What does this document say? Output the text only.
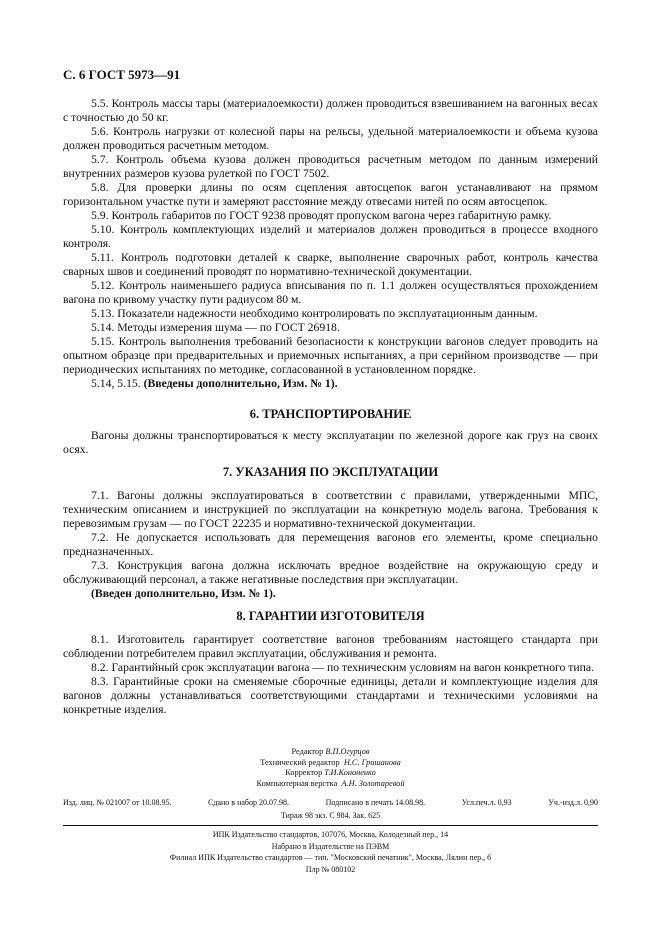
С. 6 ГОСТ 5973—91

5.5. Контроль массы тары (материалоемкости) должен проводиться взвешиванием на вагонных весах с точностью до 50 кг.

5.6. Контроль нагрузки от колесной пары на рельсы, удельной материалоемкости и объема кузова должен проводиться расчетным методом.

5.7. Контроль объема кузова должен проводиться расчетным методом по данным измерений внутренних размеров кузова рулеткой по ГОСТ 7502.

5.8. Для проверки длины по осям сцепления автосцепок вагон устанавливают на прямом горизонтальном участке пути и замеряют расстояние между отвесами нитей по осям автосцепок.

5.9. Контроль габаритов по ГОСТ 9238 проводят пропуском вагона через габаритную рамку.

5.10. Контроль комплектующих изделий и материалов должен проводиться в процессе входного контроля.

5.11. Контроль подготовки деталей к сварке, выполнение сварочных работ, контроль качества сварных швов и соединений проводят по нормативно-технической документации.

5.12. Контроль наименьшего радиуса вписывания по п. 1.1 должен осуществляться прохождением вагона по кривому участку пути радиусом 80 м.

5.13. Показатели надежности необходимо контролировать по эксплуатационным данным.

5.14. Методы измерения шума — по ГОСТ 26918.

5.15. Контроль выполнения требований безопасности к конструкции вагонов следует проводить на опытном образце при предварительных и приемочных испытаниях, а при серийном производстве — при периодических испытаниях по методике, согласованной в установленном порядке.

5.14, 5.15. (Введены дополнительно, Изм. № 1).

6. ТРАНСПОРТИРОВАНИЕ

Вагоны должны транспортироваться к месту эксплуатации по железной дороге как груз на своих осях.

7. УКАЗАНИЯ ПО ЭКСПЛУАТАЦИИ

7.1. Вагоны должны эксплуатироваться в соответствии с правилами, утвержденными МПС, техническим описанием и инструкцией по эксплуатации на конкретную модель вагона. Требования к перевозимым грузам — по ГОСТ 22235 и нормативно-технической документации.

7.2. Не допускается использовать для перемещения вагонов его элементы, кроме специально предназначенных.

7.3. Конструкция вагона должна исключать вредное воздействие на окружающую среду и обслуживающий персонал, а также негативные последствия при эксплуатации.

(Введен дополнительно, Изм. № 1).

8. ГАРАНТИИ ИЗГОТОВИТЕЛЯ

8.1. Изготовитель гарантирует соответствие вагонов требованиям настоящего стандарта при соблюдении потребителем правил эксплуатации, обслуживания и ремонта.

8.2. Гарантийный срок эксплуатации вагона — по техническим условиям на вагон конкретного типа.

8.3. Гарантийные сроки на сменяемые сборочные единицы, детали и комплектующие изделия для вагонов должны устанавливаться соответствующими стандартами и техническими условиями на конкретные изделия.

Редактор В.П.Огурцов
Технический редактор Н.С. Гришанова
Корректор Т.И.Кононенко
Компьютерная верстка А.Н. Золотаревой
Изд. лиц. № 021007 от 10.08.95.	Сдано в набор 20.07.98.	Подписано в печать 14.08.98.	Усл.печ.л. 0,93	Уч.-изд.л. 0,90
Тираж 98 экз. С 984. Зак. 625
ИПК Издательство стандартов, 107076, Москва, Колодезный пер., 14
Набрано в Издательстве на ПЭВМ
Филиал ИПК Издательство стандартов — тип. "Московский печатник", Москва, Лялин пер., 6
Плр № 080102
